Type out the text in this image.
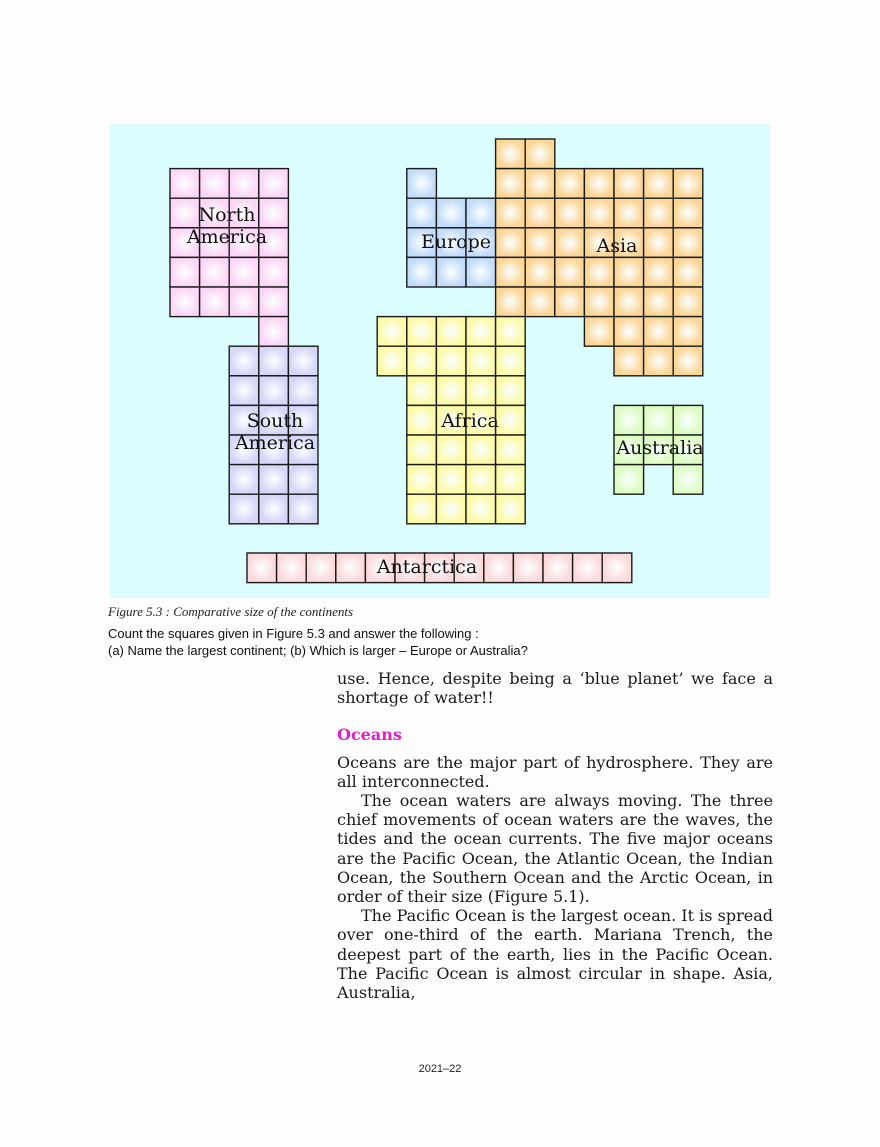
North
America	Europe	Asia
South
America
Africa
Australia
Antarctica
Figure 5.3 : Comparative size of the continents
Count the squares given in Figure 5.3 and answer the following :
(a) Name the largest continent; (b) Which is larger – Europe or Australia?

use. Hence, despite being a ‘blue planet’ we face a shortage of water!!

Oceans

Oceans are the major part of hydrosphere. They are all interconnected.

The ocean waters are always moving. The three chief movements of ocean waters are the waves, the tides and the ocean currents. The five major oceans are the Pacific Ocean, the Atlantic Ocean, the Indian Ocean, the Southern Ocean and the Arctic Ocean, in order of their size (Figure 5.1).

The Pacific Ocean is the largest ocean. It is spread over one-third of the earth. Mariana Trench, the deepest part of the earth, lies in the Pacific Ocean. The Pacific Ocean is almost circular in shape. Asia, Australia,

2021–22
